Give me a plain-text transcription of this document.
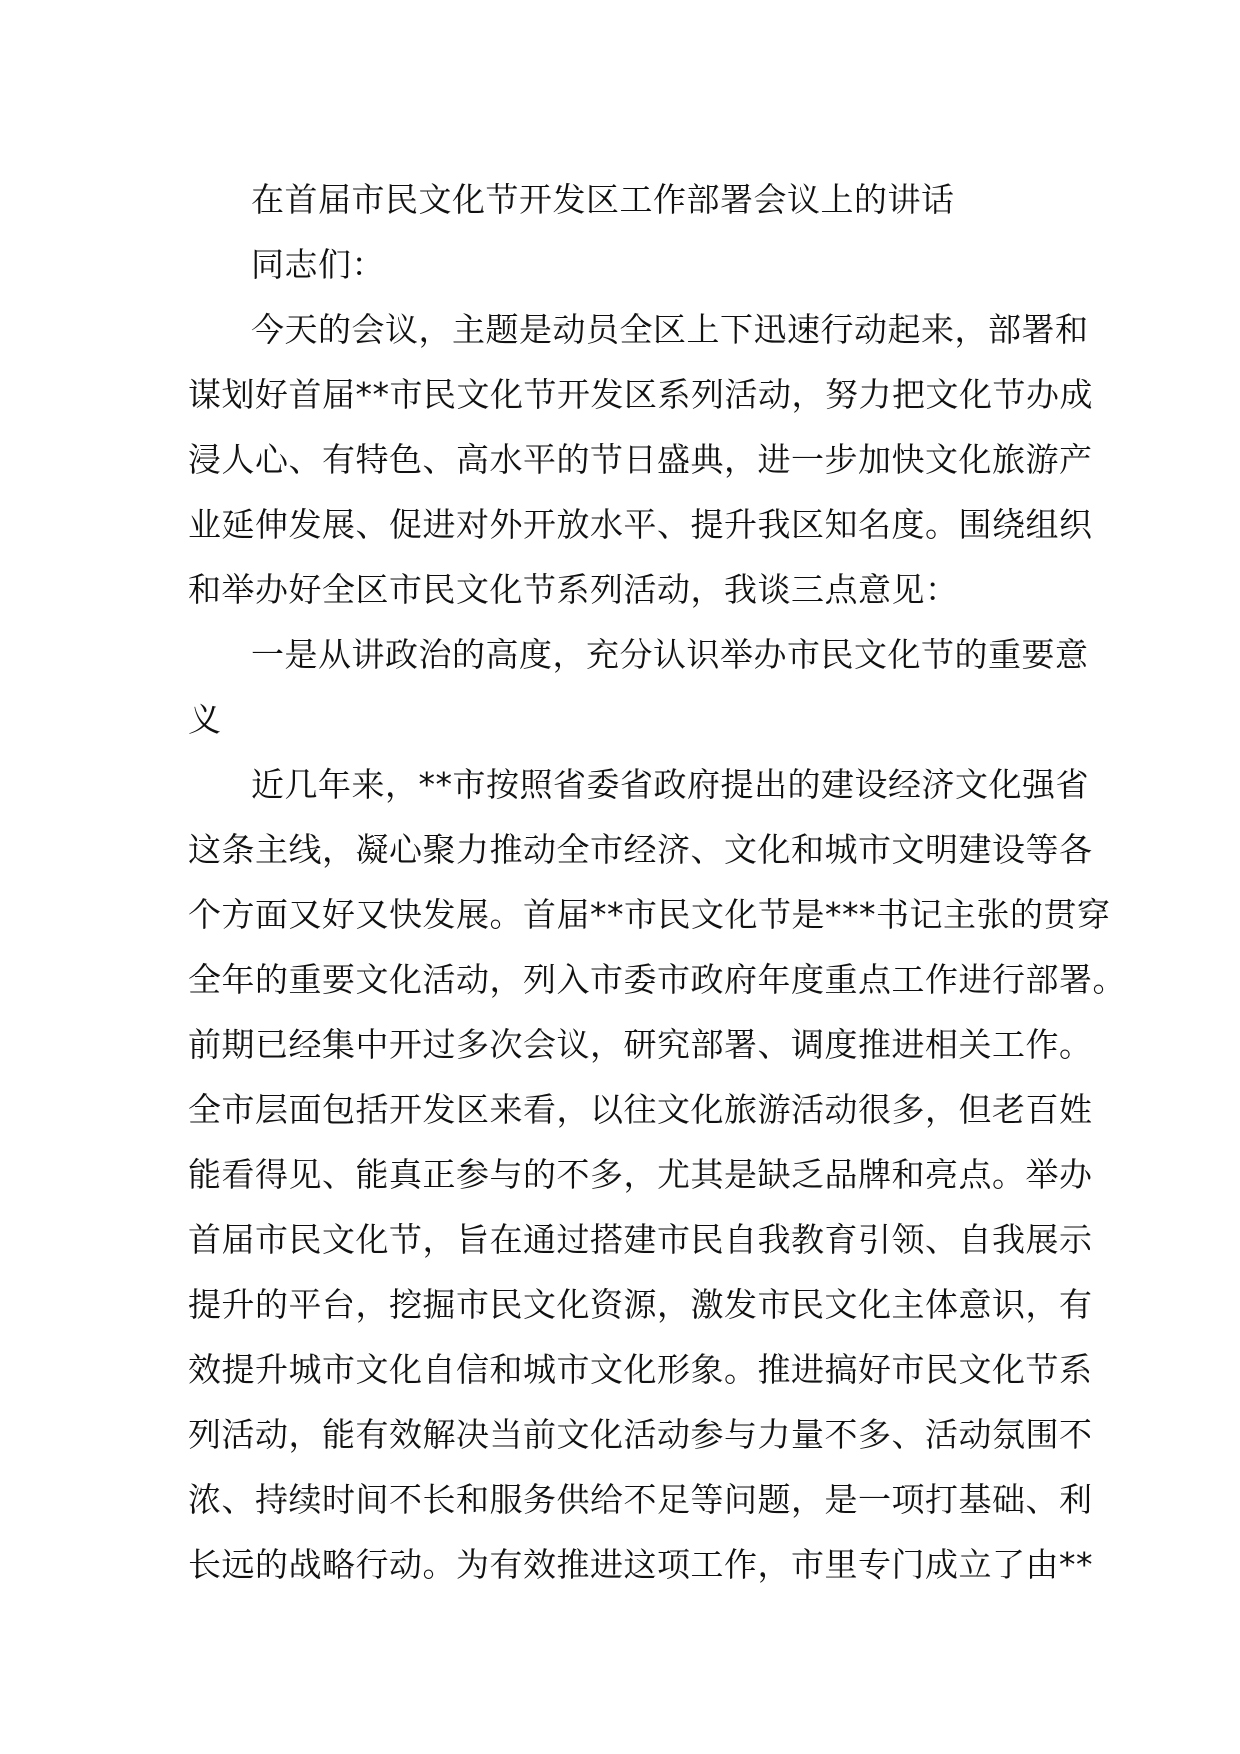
在首届市民文化节开发区工作部署会议上的讲话
同志们：
今天的会议，主题是动员全区上下迅速行动起来，部署和
谋划好首届**市民文化节开发区系列活动，努力把文化节办成
浸人心、有特色、高水平的节日盛典，进一步加快文化旅游产
业延伸发展、促进对外开放水平、提升我区知名度。围绕组织
和举办好全区市民文化节系列活动，我谈三点意见：
一是从讲政治的高度，充分认识举办市民文化节的重要意
义
近几年来，**市按照省委省政府提出的建设经济文化强省
这条主线，凝心聚力推动全市经济、文化和城市文明建设等各
个方面又好又快发展。首届**市民文化节是***书记主张的贯穿
全年的重要文化活动，列入市委市政府年度重点工作进行部署。
前期已经集中开过多次会议，研究部署、调度推进相关工作。
全市层面包括开发区来看，以往文化旅游活动很多，但老百姓
能看得见、能真正参与的不多，尤其是缺乏品牌和亮点。举办
首届市民文化节，旨在通过搭建市民自我教育引领、自我展示
提升的平台，挖掘市民文化资源，激发市民文化主体意识，有
效提升城市文化自信和城市文化形象。推进搞好市民文化节系
列活动，能有效解决当前文化活动参与力量不多、活动氛围不
浓、持续时间不长和服务供给不足等问题，是一项打基础、利
长远的战略行动。为有效推进这项工作，市里专门成立了由**
